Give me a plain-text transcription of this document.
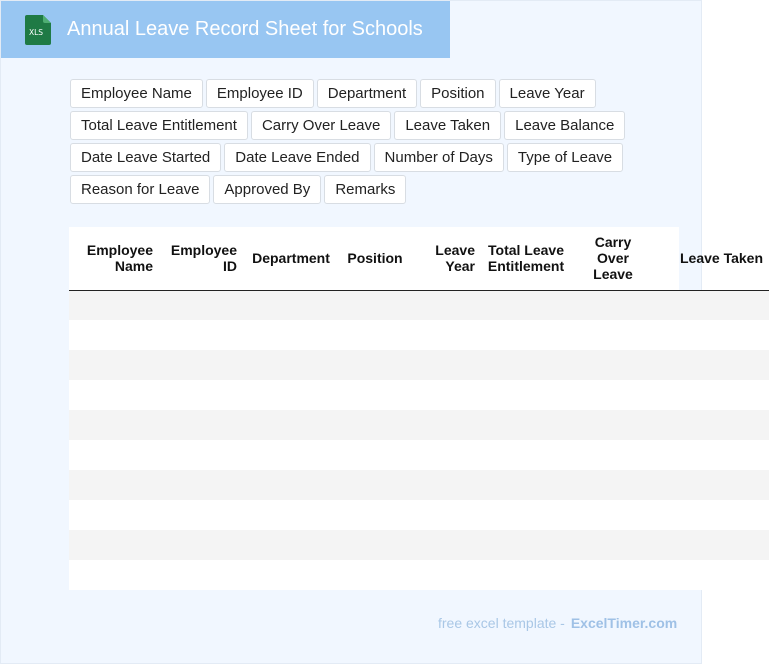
XLS Annual Leave Record Sheet for Schools
Employee Name	Employee ID	Department	Position	Leave Year
Total Leave Entitlement	Carry Over Leave	Leave Taken	Leave Balance
Date Leave Started	Date Leave Ended	Number of Days	Type of Leave
Reason for Leave	Approved By	Remarks
Employee Name	Employee ID	Department	Position	Leave Year	Total Leave Entitlement	Carry Over Leave	Leave Taken

free excel template - ExcelTimer.com
